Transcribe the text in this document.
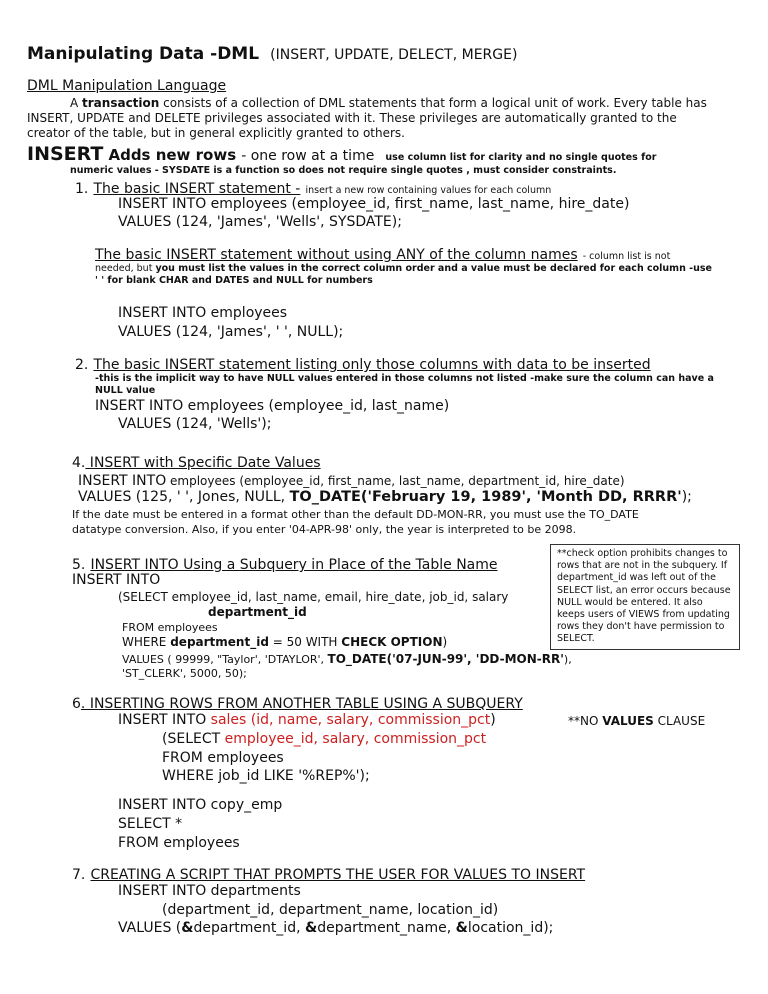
Manipulating Data -DML (INSERT, UPDATE, DELECT, MERGE)
DML Manipulation Language
A transaction consists of a collection of DML statements that form a logical unit of work. Every table has
INSERT, UPDATE and DELETE privileges associated with it. These privileges are automatically granted to the
creator of the table, but in general explicitly granted to others.
INSERT Adds new rows - one row at a time use column list for clarity and no single quotes for
numeric values - SYSDATE is a function so does not require single quotes , must consider constraints.
1. The basic INSERT statement - insert a new row containing values for each column
INSERT INTO employees (employee_id, first_name, last_name, hire_date)
VALUES (124, 'James', 'Wells', SYSDATE);
The basic INSERT statement without using ANY of the column names - column list is not
needed, but you must list the values in the correct column order and a value must be declared for each column -use
' ' for blank CHAR and DATES and NULL for numbers
INSERT INTO employees
VALUES (124, 'James', ' ', NULL);
2. The basic INSERT statement listing only those columns with data to be inserted
-this is the implicit way to have NULL values entered in those columns not listed -make sure the column can have a
NULL value
INSERT INTO employees (employee_id, last_name)
VALUES (124, 'Wells');
4. INSERT with Specific Date Values
INSERT INTO employees (employee_id, first_name, last_name, department_id, hire_date)
VALUES (125, ' ', Jones, NULL, TO_DATE('February 19, 1989', 'Month DD, RRRR');
If the date must be entered in a format other than the default DD-MON-RR, you must use the TO_DATE
datatype conversion. Also, if you enter '04-APR-98' only, the year is interpreted to be 2098.
5. INSERT INTO Using a Subquery in Place of the Table Name
INSERT INTO
(SELECT employee_id, last_name, email, hire_date, job_id, salary
department_id
FROM employees
WHERE department_id = 50 WITH CHECK OPTION)
VALUES ( 99999, "Taylor', 'DTAYLOR', TO_DATE('07-JUN-99', 'DD-MON-RR'),
'ST_CLERK', 5000, 50);
**check option prohibits changes to rows that are not in the subquery. If department_id was left out of the SELECT list, an error occurs because NULL would be entered. It also keeps users of VIEWS from updating rows they don't have permission to SELECT.
6. INSERTING ROWS FROM ANOTHER TABLE USING A SUBQUERY
INSERT INTO sales (id, name, salary, commission_pct)	**NO VALUES CLAUSE
(SELECT employee_id, salary, commission_pct
FROM employees
WHERE job_id LIKE '%REP%');
INSERT INTO copy_emp
SELECT *
FROM employees
7. CREATING A SCRIPT THAT PROMPTS THE USER FOR VALUES TO INSERT
INSERT INTO departments
(department_id, department_name, location_id)
VALUES (&department_id, &department_name, &location_id);
